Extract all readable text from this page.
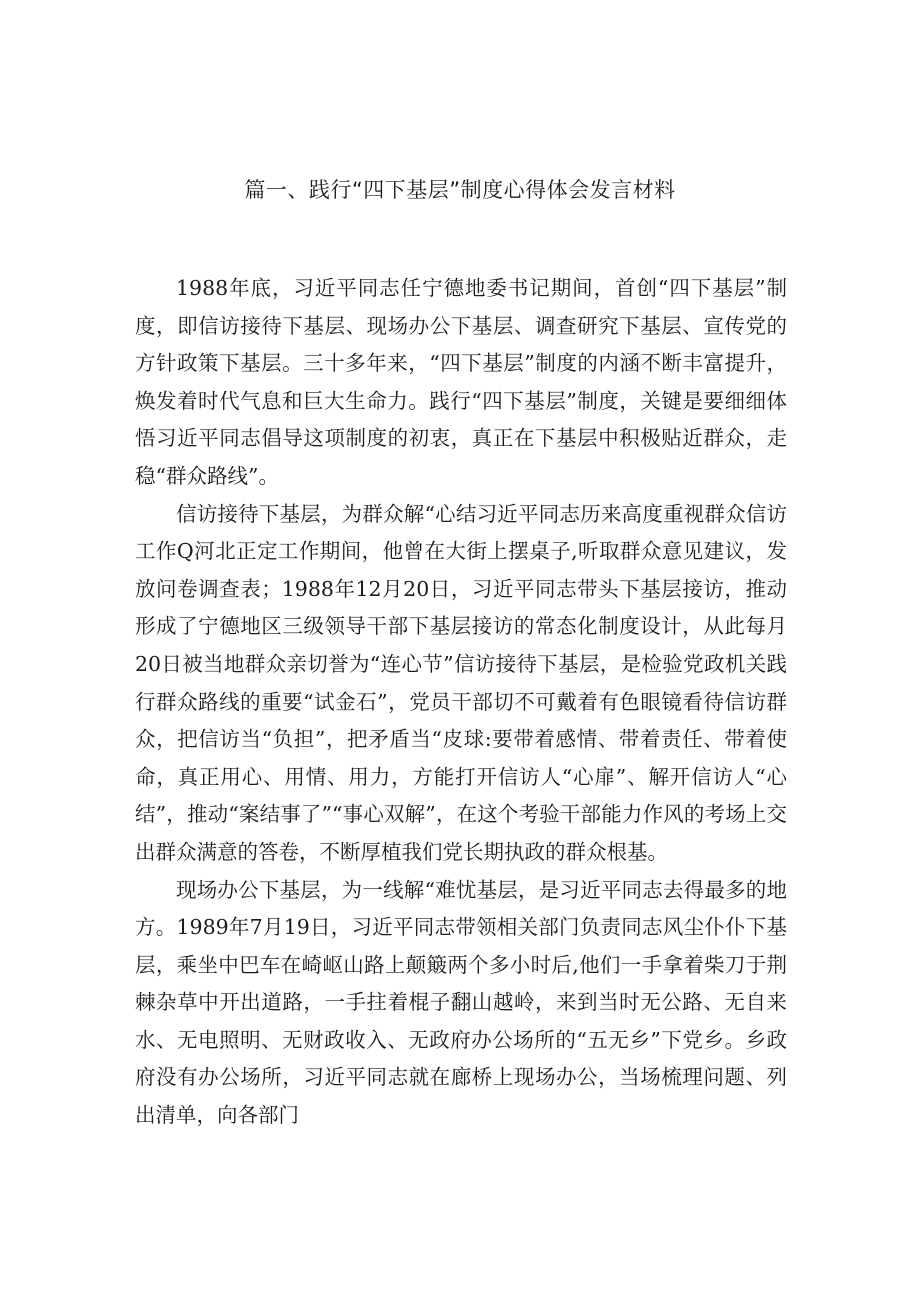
篇一、践行“四下基层”制度心得体会发言材料

1988年底，习近平同志任宁德地委书记期间，首创“四下基层”制度，即信访接待下基层、现场办公下基层、调查研究下基层、宣传党的方针政策下基层。三十多年来，“四下基层”制度的内涵不断丰富提升，焕发着时代气息和巨大生命力。践行“四下基层”制度，关键是要细细体悟习近平同志倡导这项制度的初衷，真正在下基层中积极贴近群众，走稳“群众路线”。

信访接待下基层，为群众解“心结习近平同志历来高度重视群众信访工作Q河北正定工作期间，他曾在大街上摆桌子,听取群众意见建议，发放问卷调查表；1988年12月20日，习近平同志带头下基层接访，推动形成了宁德地区三级领导干部下基层接访的常态化制度设计，从此每月20日被当地群众亲切誉为“连心节”信访接待下基层，是检验党政机关践行群众路线的重要“试金石”，党员干部切不可戴着有色眼镜看待信访群众，把信访当“负担”，把矛盾当“皮球:要带着感情、带着责任、带着使命，真正用心、用情、用力，方能打开信访人“心扉”、解开信访人“心结”，推动“案结事了”“事心双解”，在这个考验干部能力作风的考场上交出群众满意的答卷，不断厚植我们党长期执政的群众根基。

现场办公下基层，为一线解“难忧基层，是习近平同志去得最多的地方。1989年7月19日，习近平同志带领相关部门负责同志风尘仆仆下基层，乘坐中巴车在崎岖山路上颠簸两个多小时后,他们一手拿着柴刀于荆棘杂草中开出道路，一手拄着棍子翻山越岭，来到当时无公路、无自来水、无电照明、无财政收入、无政府办公场所的“五无乡”下党乡。乡政府没有办公场所，习近平同志就在廊桥上现场办公，当场梳理问题、列出清单，向各部门
